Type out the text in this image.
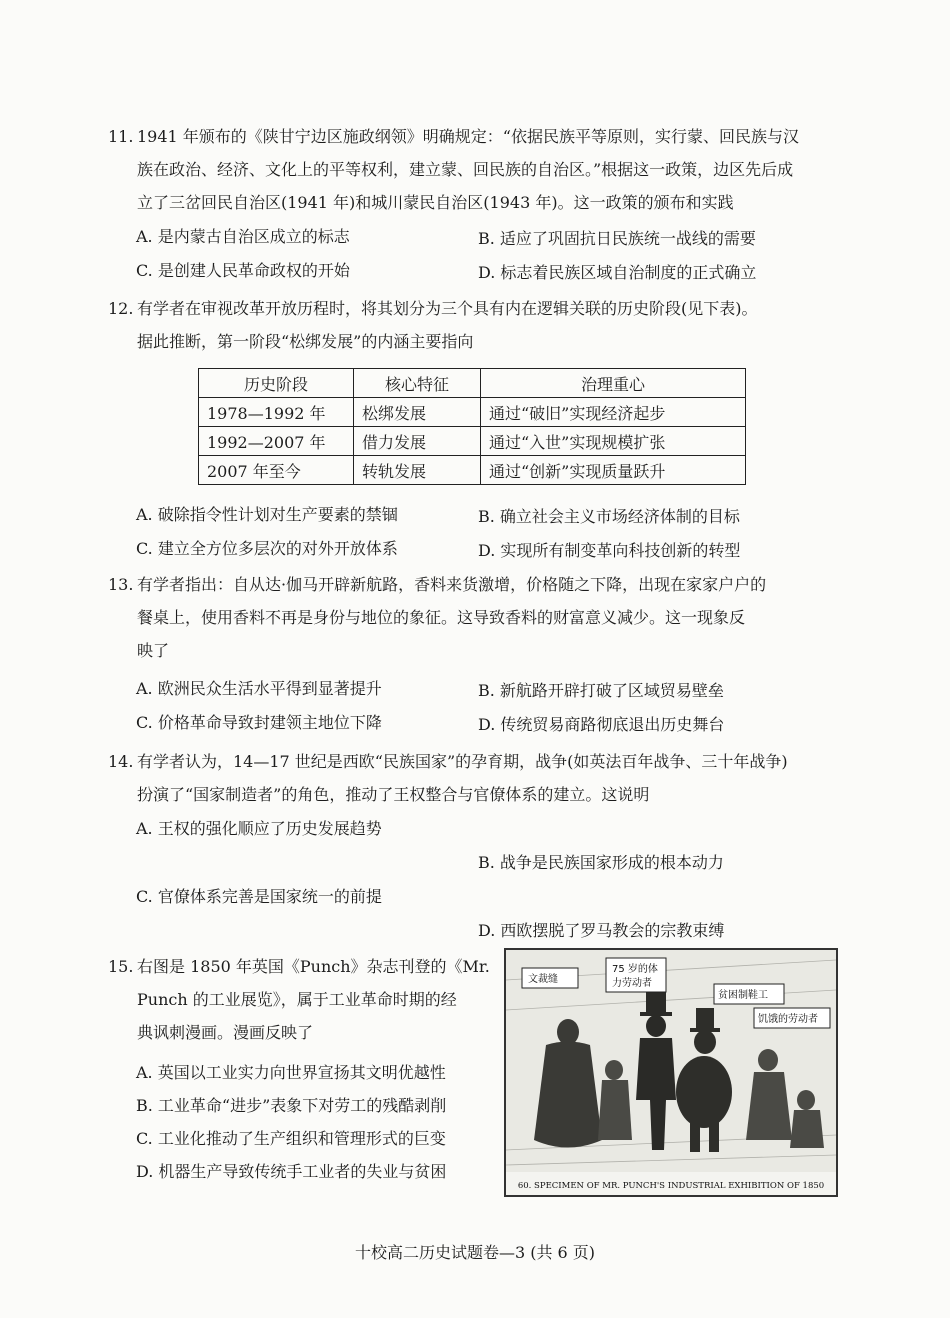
11. 1941 年颁布的《陕甘宁边区施政纲领》明确规定：“依据民族平等原则，实行蒙、回民族与汉
族在政治、经济、文化上的平等权利，建立蒙、回民族的自治区。”根据这一政策，边区先后成
立了三岔回民自治区(1941 年)和城川蒙民自治区(1943 年)。这一政策的颁布和实践
A. 是内蒙古自治区成立的标志	B. 适应了巩固抗日民族统一战线的需要
C. 是创建人民革命政权的开始	D. 标志着民族区域自治制度的正式确立
12. 有学者在审视改革开放历程时，将其划分为三个具有内在逻辑关联的历史阶段(见下表)。
据此推断，第一阶段“松绑发展”的内涵主要指向
历史阶段	核心特征	治理重心
1978—1992 年	松绑发展	通过“破旧”实现经济起步
1992—2007 年	借力发展	通过“入世”实现规模扩张
2007 年至今	转轨发展	通过“创新”实现质量跃升
A. 破除指令性计划对生产要素的禁锢	B. 确立社会主义市场经济体制的目标
C. 建立全方位多层次的对外开放体系	D. 实现所有制变革向科技创新的转型
13. 有学者指出：自从达·伽马开辟新航路，香料来货激增，价格随之下降，出现在家家户户的
餐桌上，使用香料不再是身份与地位的象征。这导致香料的财富意义减少。这一现象反
映了
A. 欧洲民众生活水平得到显著提升	B. 新航路开辟打破了区域贸易壁垒
C. 价格革命导致封建领主地位下降	D. 传统贸易商路彻底退出历史舞台
14. 有学者认为，14—17 世纪是西欧“民族国家”的孕育期，战争(如英法百年战争、三十年战争)
扮演了“国家制造者”的角色，推动了王权整合与官僚体系的建立。这说明
A. 王权的强化顺应了历史发展趋势
B. 战争是民族国家形成的根本动力
C. 官僚体系完善是国家统一的前提
D. 西欧摆脱了罗马教会的宗教束缚
15. 右图是 1850 年英国《Punch》杂志刊登的《Mr.
Punch 的工业展览》，属于工业革命时期的经
典讽刺漫画。漫画反映了
A. 英国以工业实力向世界宣扬其文明优越性
B. 工业革命“进步”表象下对劳工的残酷剥削
C. 工业化推动了生产组织和管理形式的巨变
D. 机器生产导致传统手工业者的失业与贫困
文裁缝
75 岁的体
力劳动者
贫困制鞋工
饥饿的劳动者
60. SPECIMEN OF MR. PUNCH'S INDUSTRIAL EXHIBITION OF 1850
十校高二历史试题卷—3 (共 6 页)
